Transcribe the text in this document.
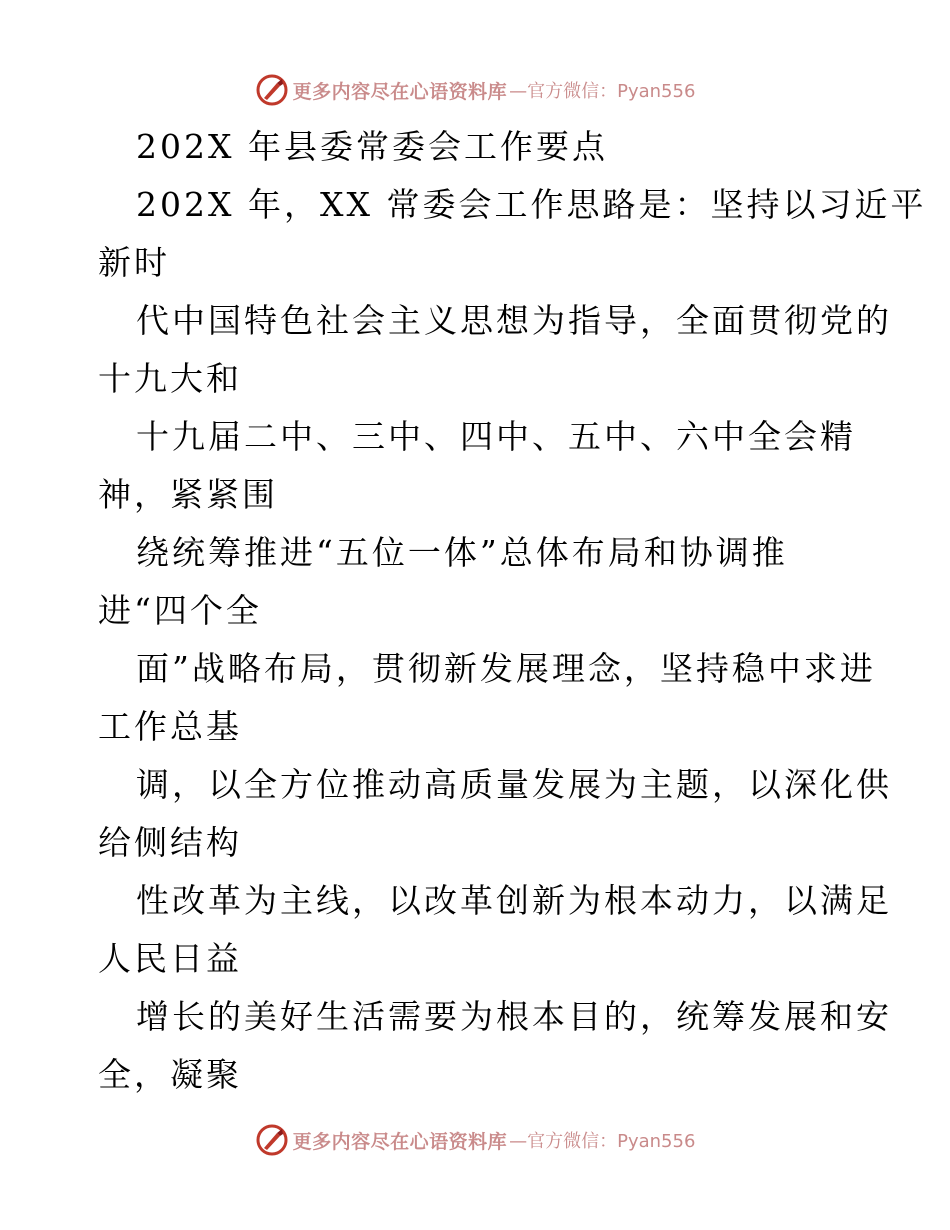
更多内容尽在心语资料库 —官方微信：Pyan556
202X 年县委常委会工作要点
202X 年，XX 常委会工作思路是：坚持以习近平
新时
代中国特色社会主义思想为指导，全面贯彻党的
十九大和
十九届二中、三中、四中、五中、六中全会精
神，紧紧围
绕统筹推进“五位一体”总体布局和协调推
进“四个全
面”战略布局，贯彻新发展理念，坚持稳中求进
工作总基
调，以全方位推动高质量发展为主题，以深化供
给侧结构
性改革为主线，以改革创新为根本动力，以满足
人民日益
增长的美好生活需要为根本目的，统筹发展和安
全，凝聚
更多内容尽在心语资料库 —官方微信：Pyan556
